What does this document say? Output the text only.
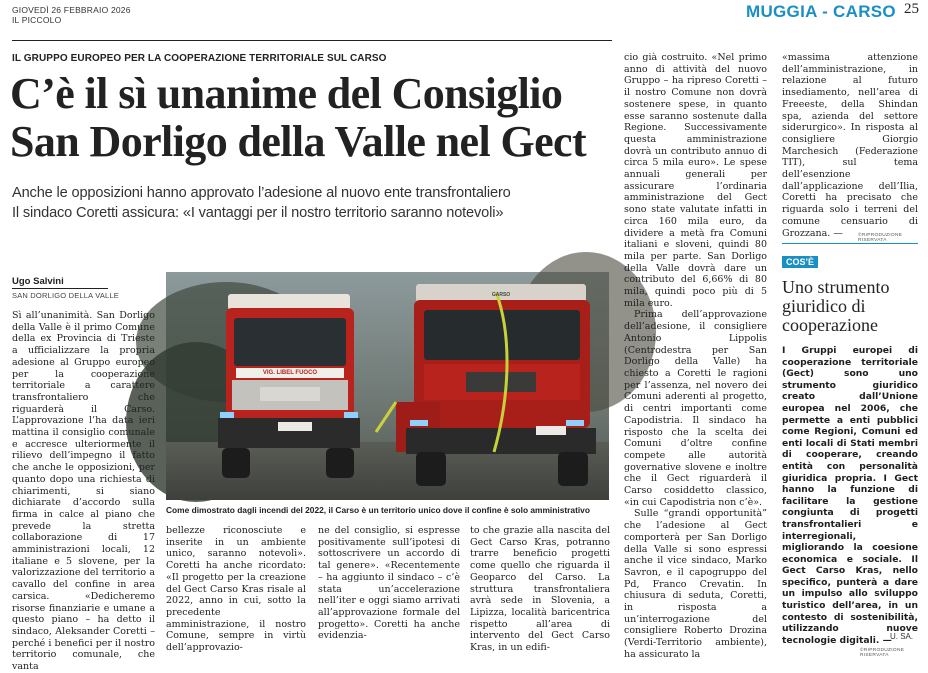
GIOVEDÌ 26 FEBBRAIO 2026
IL PICCOLO	MUGGIA - CARSO 25
IL GRUPPO EUROPEO PER LA COOPERAZIONE TERRITORIALE SUL CARSO
C’è il sì unanime del Consiglio
San Dorligo della Valle nel Gect
Anche le opposizioni hanno approvato l’adesione al nuovo ente transfrontaliero
Il sindaco Coretti assicura: «I vantaggi per il nostro territorio saranno notevoli»
Ugo Salvini
SAN DORLIGO DELLA VALLE
VIG. LIBEL FUOCO
GARSO
Come dimostrato dagli incendi del 2022, il Carso è un territorio unico dove il confine è solo amministrativo

Sì all’unanimità. San Dorligo della Valle è il primo Comune della ex Provincia di Trieste a ufficializzare la propria adesione al Gruppo europeo per la cooperazione territoriale a carattere transfrontaliero che riguarderà il Carso. L’approvazione l’ha data ieri mattina il consiglio comunale e accresce ulteriormente il rilievo dell’impegno il fatto che anche le opposizioni, per quanto dopo una richiesta di chiarimenti, si siano dichiarate d’accordo sulla firma in calce al piano che prevede la stretta collaborazione di 17 amministrazioni locali, 12 italiane e 5 slovene, per la valorizzazione del territorio a cavallo del confine in area carsica. «Dedicheremo risorse finanziarie e umane a questo piano – ha detto il sindaco, Aleksander Coretti – perché i benefici per il nostro territorio comunale, che vanta

bellezze riconosciute e inserite in un ambiente unico, saranno notevoli». Coretti ha anche ricordato: «Il progetto per la creazione del Gect Carso Kras risale al 2022, anno in cui, sotto la precedente amministrazione, il nostro Comune, sempre in virtù dell’approvazio-

ne del consiglio, si espresse positivamente sull’ipotesi di sottoscrivere un accordo di tal genere». «Recentemente – ha aggiunto il sindaco – c’è stata un’accelerazione nell’iter e oggi siamo arrivati all’approvazione formale del progetto». Coretti ha anche evidenzia-

to che grazie alla nascita del Gect Carso Kras, potranno trarre beneficio progetti come quello che riguarda il Geoparco del Carso. La struttura transfrontaliera avrà sede in Slovenia, a Lipizza, località baricentrica rispetto all’area di intervento del Gect Carso Kras, in un edifi-

cio già costruito. «Nel primo anno di attività del nuovo Gruppo – ha ripreso Coretti – il nostro Comune non dovrà sostenere spese, in quanto esse saranno sostenute dalla Regione. Successivamente questa amministrazione dovrà un contributo annuo di circa 5 mila euro». Le spese annuali generali per assicurare l’ordinaria amministrazione del Gect sono state valutate infatti in circa 160 mila euro, da dividere a metà fra Comuni italiani e sloveni, quindi 80 mila per parte. San Dorligo della Valle dovrà dare un contributo del 6,66% di 80 mila, quindi poco più di 5 mila euro.

Prima dell’approvazione dell’adesione, il consigliere Antonio Lippolis (Centrodestra per San Dorligo della Valle) ha chiesto a Coretti le ragioni per l’assenza, nel novero dei Comuni aderenti al progetto, di centri importanti come Capodistria. Il sindaco ha risposto che la scelta dei Comuni d’oltre confine compete alle autorità governative slovene e inoltre che il Gect riguarderà il Carso cosiddetto classico, «in cui Capodistria non c’è».

Sulle “grandi opportunità” che l’adesione al Gect comporterà per San Dorligo della Valle si sono espressi anche il vice sindaco, Marko Savron, e il capogruppo del Pd, Franco Crevatin. In chiusura di seduta, Coretti, in risposta a un’interrogazione del consigliere Roberto Drozina (Verdi-Territorio ambiente), ha assicurato la

«massima attenzione dell’amministrazione, in relazione al futuro insediamento, nell’area di Freeeste, della Shindan spa, azienda del settore siderurgico». In risposta al consigliere Giorgio Marchesich (Federazione TIT), sul tema dell’esenzione dall’applicazione dell’Ilia, Coretti ha precisato che riguarda solo i terreni del comune censuario di Grozzana. —	©RIPRODUZIONE RISERVATA
COS’È
Uno strumento giuridico di cooperazione
I Gruppi europei di cooperazione territoriale (Gect) sono uno strumento giuridico creato dall’Unione europea nel 2006, che permette a enti pubblici come Regioni, Comuni ed enti locali di Stati membri di cooperare, creando entità con personalità giuridica propria. I Gect hanno la funzione di facilitare la gestione congiunta di progetti transfrontalieri e interregionali, migliorando la coesione economica e sociale. Il Gect Carso Kras, nello specifico, punterà a dare un impulso allo sviluppo turistico dell’area, in un contesto di sostenibilità, utilizzando nuove tecnologie digitali. —
U. SA.
©RIPRODUZIONE RISERVATA
